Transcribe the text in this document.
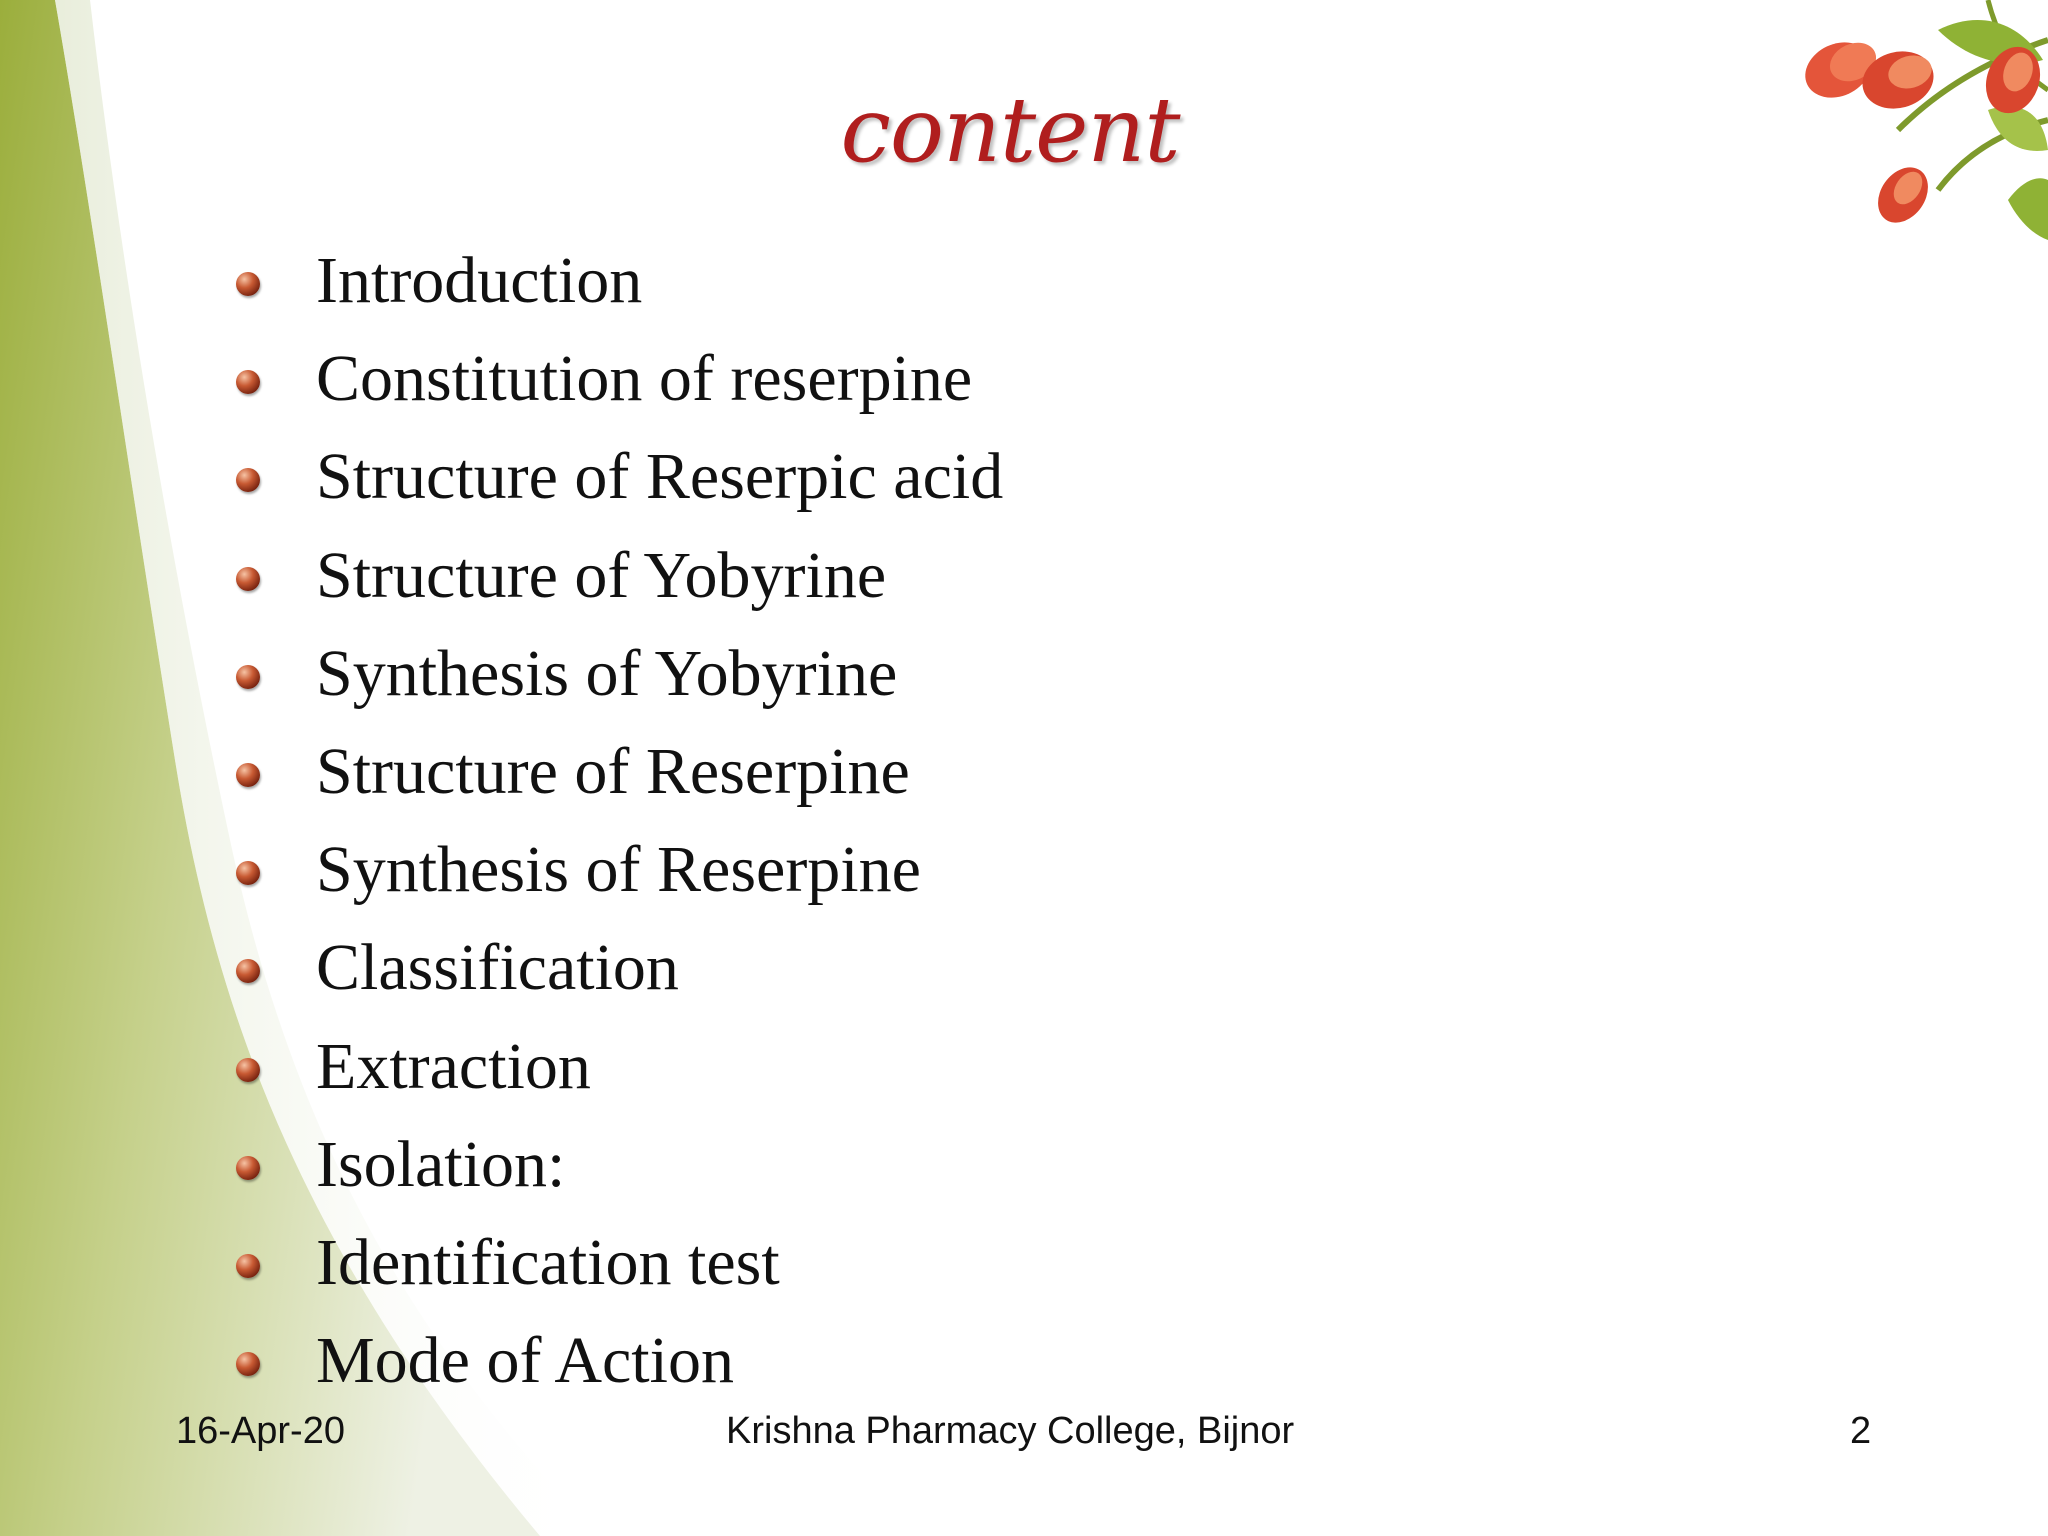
content
Introduction
Constitution of reserpine
Structure of Reserpic acid
Structure of Yobyrine
Synthesis of Yobyrine
Structure of Reserpine
Synthesis of Reserpine
Classification
Extraction
Isolation:
Identification test
Mode of Action
16-Apr-20	Krishna Pharmacy College, Bijnor	2
